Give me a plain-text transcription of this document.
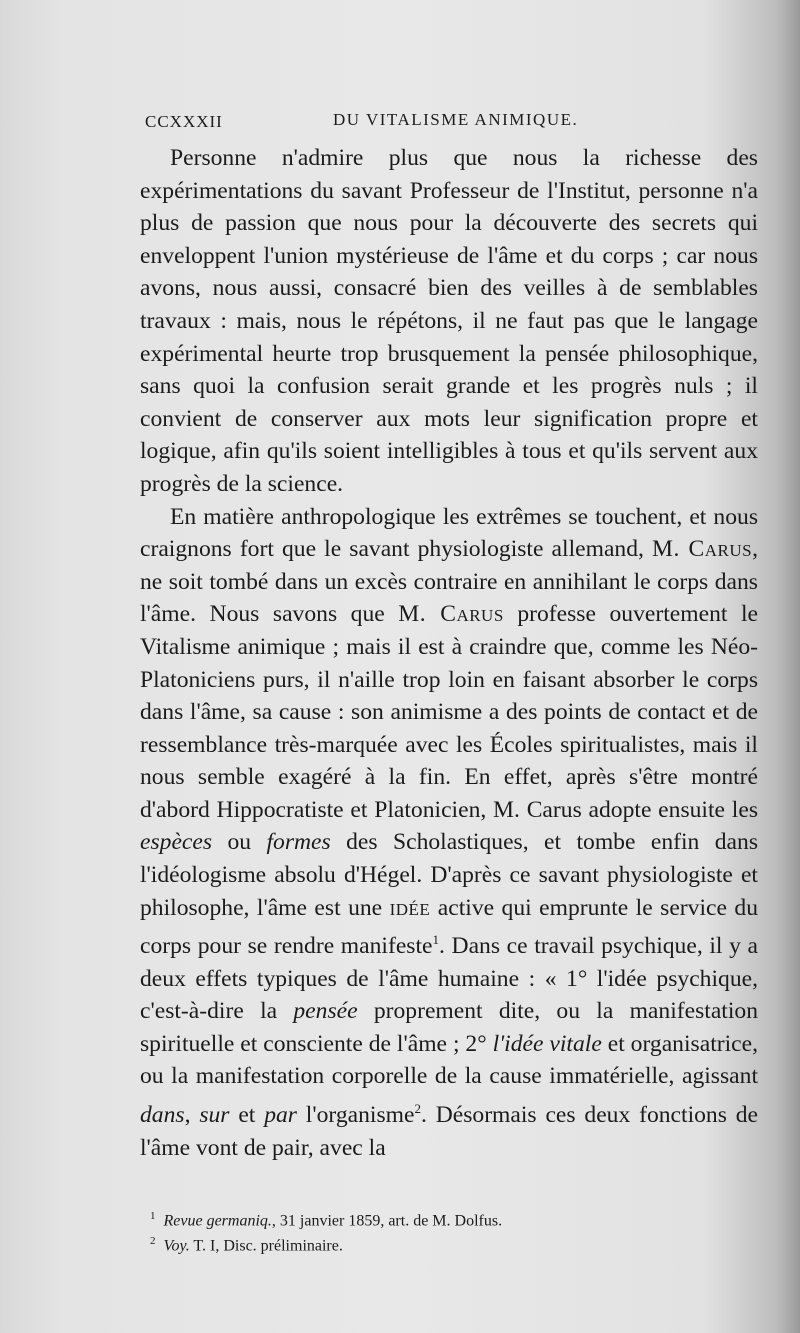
CCXXXII	DU VITALISME ANIMIQUE.

Personne n'admire plus que nous la richesse des expérimentations du savant Professeur de l'Institut, personne n'a plus de passion que nous pour la découverte des secrets qui enveloppent l'union mystérieuse de l'âme et du corps ; car nous avons, nous aussi, consacré bien des veilles à de semblables travaux : mais, nous le répétons, il ne faut pas que le langage expérimental heurte trop brusquement la pensée philosophique, sans quoi la confusion serait grande et les progrès nuls ; il convient de conserver aux mots leur signification propre et logique, afin qu'ils soient intelligibles à tous et qu'ils servent aux progrès de la science.

En matière anthropologique les extrêmes se touchent, et nous craignons fort que le savant physiologiste allemand, M. Carus, ne soit tombé dans un excès contraire en annihilant le corps dans l'âme. Nous savons que M. Carus professe ouvertement le Vitalisme animique ; mais il est à craindre que, comme les Néo-Platoniciens purs, il n'aille trop loin en faisant absorber le corps dans l'âme, sa cause : son animisme a des points de contact et de ressemblance très-marquée avec les Écoles spiritualistes, mais il nous semble exagéré à la fin. En effet, après s'être montré d'abord Hippocratiste et Platonicien, M. Carus adopte ensuite les espèces ou formes des Scholastiques, et tombe enfin dans l'idéologisme absolu d'Hégel. D'après ce savant physiologiste et philosophe, l'âme est une idée active qui emprunte le service du corps pour se rendre manifeste$^1$. Dans ce travail psychique, il y a deux effets typiques de l'âme humaine : « 1° l'idée psychique, c'est-à-dire la pensée proprement dite, ou la manifestation spirituelle et consciente de l'âme ; 2° l'idée vitale et organisatrice, ou la manifestation corporelle de la cause immatérielle, agissant dans, sur et par l'organisme$^2$. Désormais ces deux fonctions de l'âme vont de pair, avec la

$^1$ Revue germaniq., 31 janvier 1859, art. de M. Dolfus.
$^2$ Voy. T. I, Disc. préliminaire.
